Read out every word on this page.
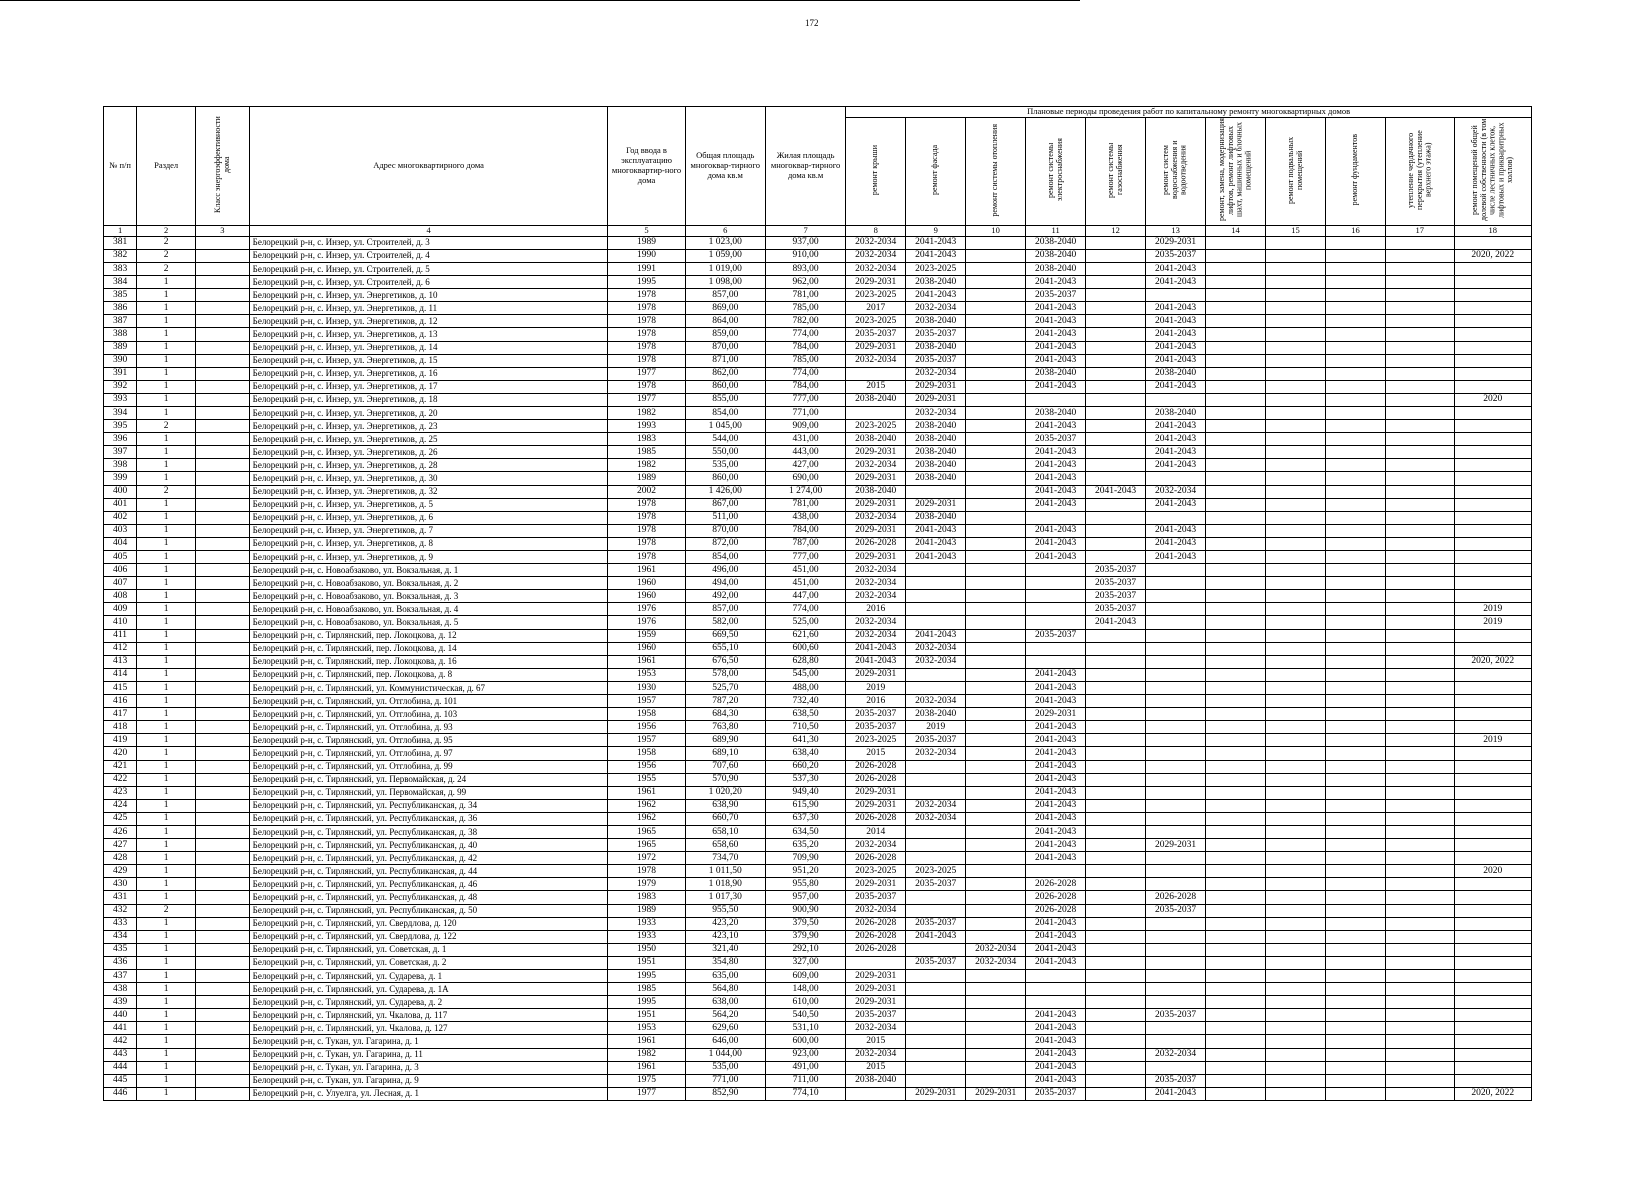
172
№ п/п	Раздел	Класс энергоэффективности дома	Адрес многоквартирного дома	Год ввода в эксплуатацию многоквартир-ного дома	Общая площадь многоквар-тирного дома кв.м	Жилая площадь многоквар-тирного дома кв.м	Плановые периоды проведения работ по капитальному ремонту многоквартирных домов										
							ремонт крыши	ремонт фасада	ремонт системы отопления	ремонт системы электроснабжения	ремонт системы газоснабжения	ремонт систем водоснабжения и водоотведения	ремонт, замена, модернизация лифтов, ремонт лифтовых шахт, машинных и блочных помещений	ремонт подвальных помещений	ремонт фундаментов	утепление чердачного перекрытия (утепление верхнего этажа)	ремонт помещений общей долевой собственности (в том числе лестничных клеток, лифтовых и прикваритрных холлов)
1	2	3	4	5	6	7	8	9	10	11	12	13	14	15	16	17	18
381	2		Белорецкий р-н, с. Инзер, ул. Строителей, д. 3	1989	1 023,00	937,00	2032-2034	2041-2043		2038-2040		2029-2031					
382	2		Белорецкий р-н, с. Инзер, ул. Строителей, д. 4	1990	1 059,00	910,00	2032-2034	2041-2043		2038-2040		2035-2037					2020, 2022
383	2		Белорецкий р-н, с. Инзер, ул. Строителей, д. 5	1991	1 019,00	893,00	2032-2034	2023-2025		2038-2040		2041-2043					
384	1		Белорецкий р-н, с. Инзер, ул. Строителей, д. 6	1995	1 098,00	962,00	2029-2031	2038-2040		2041-2043		2041-2043					
385	1		Белорецкий р-н, с. Инзер, ул. Энергетиков, д. 10	1978	857,00	781,00	2023-2025	2041-2043		2035-2037							
386	1		Белорецкий р-н, с. Инзер, ул. Энергетиков, д. 11	1978	869,00	785,00	2017	2032-2034		2041-2043		2041-2043					
387	1		Белорецкий р-н, с. Инзер, ул. Энергетиков, д. 12	1978	864,00	782,00	2023-2025	2038-2040		2041-2043		2041-2043					
388	1		Белорецкий р-н, с. Инзер, ул. Энергетиков, д. 13	1978	859,00	774,00	2035-2037	2035-2037		2041-2043		2041-2043					
389	1		Белорецкий р-н, с. Инзер, ул. Энергетиков, д. 14	1978	870,00	784,00	2029-2031	2038-2040		2041-2043		2041-2043					
390	1		Белорецкий р-н, с. Инзер, ул. Энергетиков, д. 15	1978	871,00	785,00	2032-2034	2035-2037		2041-2043		2041-2043					
391	1		Белорецкий р-н, с. Инзер, ул. Энергетиков, д. 16	1977	862,00	774,00		2032-2034		2038-2040		2038-2040					
392	1		Белорецкий р-н, с. Инзер, ул. Энергетиков, д. 17	1978	860,00	784,00	2015	2029-2031		2041-2043		2041-2043					
393	1		Белорецкий р-н, с. Инзер, ул. Энергетиков, д. 18	1977	855,00	777,00	2038-2040	2029-2031									2020
394	1		Белорецкий р-н, с. Инзер, ул. Энергетиков, д. 20	1982	854,00	771,00		2032-2034		2038-2040		2038-2040					
395	2		Белорецкий р-н, с. Инзер, ул. Энергетиков, д. 23	1993	1 045,00	909,00	2023-2025	2038-2040		2041-2043		2041-2043					
396	1		Белорецкий р-н, с. Инзер, ул. Энергетиков, д. 25	1983	544,00	431,00	2038-2040	2038-2040		2035-2037		2041-2043					
397	1		Белорецкий р-н, с. Инзер, ул. Энергетиков, д. 26	1985	550,00	443,00	2029-2031	2038-2040		2041-2043		2041-2043					
398	1		Белорецкий р-н, с. Инзер, ул. Энергетиков, д. 28	1982	535,00	427,00	2032-2034	2038-2040		2041-2043		2041-2043					
399	1		Белорецкий р-н, с. Инзер, ул. Энергетиков, д. 30	1989	860,00	690,00	2029-2031	2038-2040		2041-2043							
400	2		Белорецкий р-н, с. Инзер, ул. Энергетиков, д. 32	2002	1 426,00	1 274,00	2038-2040			2041-2043	2041-2043	2032-2034					
401	1		Белорецкий р-н, с. Инзер, ул. Энергетиков, д. 5	1978	867,00	781,00	2029-2031	2029-2031		2041-2043		2041-2043					
402	1		Белорецкий р-н, с. Инзер, ул. Энергетиков, д. 6	1978	511,00	438,00	2032-2034	2038-2040									
403	1		Белорецкий р-н, с. Инзер, ул. Энергетиков, д. 7	1978	870,00	784,00	2029-2031	2041-2043		2041-2043		2041-2043					
404	1		Белорецкий р-н, с. Инзер, ул. Энергетиков, д. 8	1978	872,00	787,00	2026-2028	2041-2043		2041-2043		2041-2043					
405	1		Белорецкий р-н, с. Инзер, ул. Энергетиков, д. 9	1978	854,00	777,00	2029-2031	2041-2043		2041-2043		2041-2043					
406	1		Белорецкий р-н, с. Новоабзаково, ул. Вокзальная, д. 1	1961	496,00	451,00	2032-2034				2035-2037						
407	1		Белорецкий р-н, с. Новоабзаково, ул. Вокзальная, д. 2	1960	494,00	451,00	2032-2034				2035-2037						
408	1		Белорецкий р-н, с. Новоабзаково, ул. Вокзальная, д. 3	1960	492,00	447,00	2032-2034				2035-2037						
409	1		Белорецкий р-н, с. Новоабзаково, ул. Вокзальная, д. 4	1976	857,00	774,00	2016				2035-2037						2019
410	1		Белорецкий р-н, с. Новоабзаково, ул. Вокзальная, д. 5	1976	582,00	525,00	2032-2034				2041-2043						2019
411	1		Белорецкий р-н, с. Тирлянский, пер. Локоцкова, д. 12	1959	669,50	621,60	2032-2034	2041-2043		2035-2037							
412	1		Белорецкий р-н, с. Тирлянский, пер. Локоцкова, д. 14	1960	655,10	600,60	2041-2043	2032-2034									
413	1		Белорецкий р-н, с. Тирлянский, пер. Локоцкова, д. 16	1961	676,50	628,80	2041-2043	2032-2034									2020, 2022
414	1		Белорецкий р-н, с. Тирлянский, пер. Локоцкова, д. 8	1953	578,00	545,00	2029-2031			2041-2043							
415	1		Белорецкий р-н, с. Тирлянский, ул. Коммунистическая, д. 67	1930	525,70	488,00	2019			2041-2043							
416	1		Белорецкий р-н, с. Тирлянский, ул. Отглобина, д. 101	1957	787,20	732,40	2016	2032-2034		2041-2043							
417	1		Белорецкий р-н, с. Тирлянский, ул. Отглобина, д. 103	1958	684,30	638,50	2035-2037	2038-2040		2029-2031							
418	1		Белорецкий р-н, с. Тирлянский, ул. Отглобина, д. 93	1956	763,80	710,50	2035-2037	2019		2041-2043							
419	1		Белорецкий р-н, с. Тирлянский, ул. Отглобина, д. 95	1957	689,90	641,30	2023-2025	2035-2037		2041-2043							2019
420	1		Белорецкий р-н, с. Тирлянский, ул. Отглобина, д. 97	1958	689,10	638,40	2015	2032-2034		2041-2043							
421	1		Белорецкий р-н, с. Тирлянский, ул. Отглобина, д. 99	1956	707,60	660,20	2026-2028			2041-2043							
422	1		Белорецкий р-н, с. Тирлянский, ул. Первомайская, д. 24	1955	570,90	537,30	2026-2028			2041-2043							
423	1		Белорецкий р-н, с. Тирлянский, ул. Первомайская, д. 99	1961	1 020,20	949,40	2029-2031			2041-2043							
424	1		Белорецкий р-н, с. Тирлянский, ул. Республиканская, д. 34	1962	638,90	615,90	2029-2031	2032-2034		2041-2043							
425	1		Белорецкий р-н, с. Тирлянский, ул. Республиканская, д. 36	1962	660,70	637,30	2026-2028	2032-2034		2041-2043							
426	1		Белорецкий р-н, с. Тирлянский, ул. Республиканская, д. 38	1965	658,10	634,50	2014			2041-2043							
427	1		Белорецкий р-н, с. Тирлянский, ул. Республиканская, д. 40	1965	658,60	635,20	2032-2034			2041-2043		2029-2031					
428	1		Белорецкий р-н, с. Тирлянский, ул. Республиканская, д. 42	1972	734,70	709,90	2026-2028			2041-2043							
429	1		Белорецкий р-н, с. Тирлянский, ул. Республиканская, д. 44	1978	1 011,50	951,20	2023-2025	2023-2025									2020
430	1		Белорецкий р-н, с. Тирлянский, ул. Республиканская, д. 46	1979	1 018,90	955,80	2029-2031	2035-2037		2026-2028							
431	1		Белорецкий р-н, с. Тирлянский, ул. Республиканская, д. 48	1983	1 017,30	957,00	2035-2037			2026-2028		2026-2028					
432	2		Белорецкий р-н, с. Тирлянский, ул. Республиканская, д. 50	1989	955,50	900,90	2032-2034			2026-2028		2035-2037					
433	1		Белорецкий р-н, с. Тирлянский, ул. Свердлова, д. 120	1933	423,20	379,50	2026-2028	2035-2037		2041-2043							
434	1		Белорецкий р-н, с. Тирлянский, ул. Свердлова, д. 122	1933	423,10	379,90	2026-2028	2041-2043		2041-2043							
435	1		Белорецкий р-н, с. Тирлянский, ул. Советская, д. 1	1950	321,40	292,10	2026-2028		2032-2034	2041-2043							
436	1		Белорецкий р-н, с. Тирлянский, ул. Советская, д. 2	1951	354,80	327,00		2035-2037	2032-2034	2041-2043							
437	1		Белорецкий р-н, с. Тирлянский, ул. Сударева, д. 1	1995	635,00	609,00	2029-2031										
438	1		Белорецкий р-н, с. Тирлянский, ул. Сударева, д. 1А	1985	564,80	148,00	2029-2031										
439	1		Белорецкий р-н, с. Тирлянский, ул. Сударева, д. 2	1995	638,00	610,00	2029-2031										
440	1		Белорецкий р-н, с. Тирлянский, ул. Чкалова, д. 117	1951	564,20	540,50	2035-2037			2041-2043		2035-2037					
441	1		Белорецкий р-н, с. Тирлянский, ул. Чкалова, д. 127	1953	629,60	531,10	2032-2034			2041-2043							
442	1		Белорецкий р-н, с. Тукан, ул. Гагарина, д. 1	1961	646,00	600,00	2015			2041-2043							
443	1		Белорецкий р-н, с. Тукан, ул. Гагарина, д. 11	1982	1 044,00	923,00	2032-2034			2041-2043		2032-2034					
444	1		Белорецкий р-н, с. Тукан, ул. Гагарина, д. 3	1961	535,00	491,00	2015			2041-2043							
445	1		Белорецкий р-н, с. Тукан, ул. Гагарина, д. 9	1975	771,00	711,00	2038-2040			2041-2043		2035-2037					
446	1		Белорецкий р-н, с. Улуелга, ул. Лесная, д. 1	1977	852,90	774,10		2029-2031	2029-2031	2035-2037		2041-2043					2020, 2022
